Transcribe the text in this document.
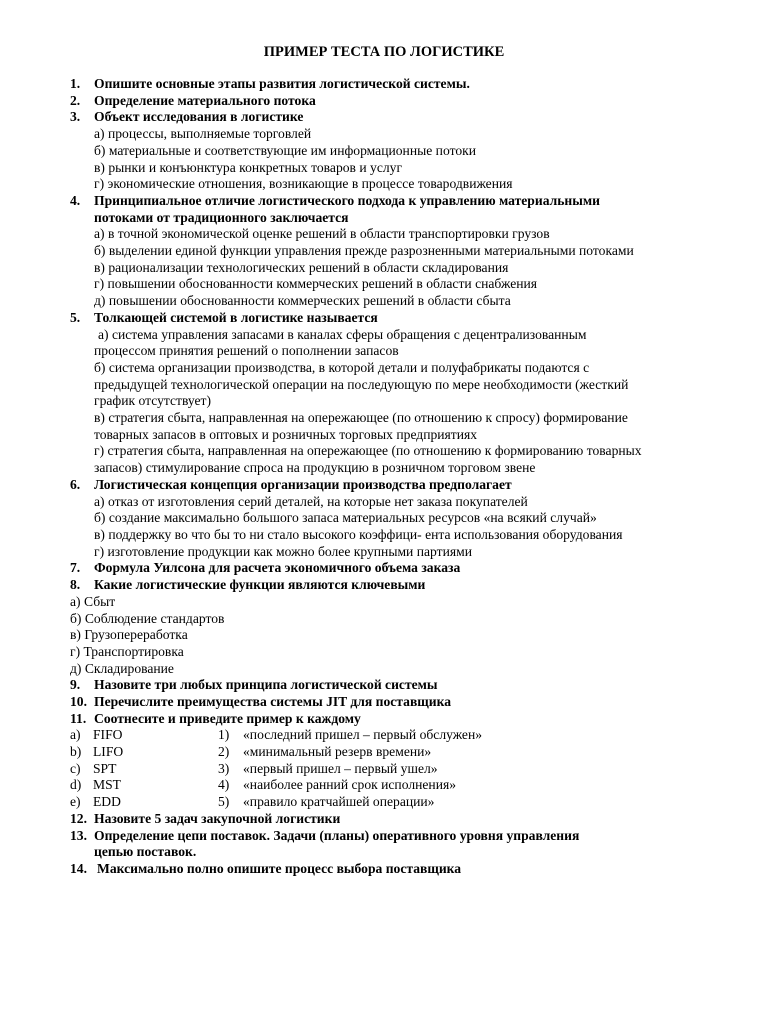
ПРИМЕР ТЕСТА ПО ЛОГИСТИКЕ
1. Опишите основные этапы развития логистической системы.
2. Определение материального потока
3. Объект исследования в логистике
а) процессы, выполняемые торговлей
б) материальные и соответствующие им информационные потоки
в) рынки и конъюнктура конкретных товаров и услуг
г) экономические отношения, возникающие в процессе товародвижения
4. Принципиальное отличие логистического подхода к управлению материальными
потоками от традиционного заключается
а) в точной экономической оценке решений в области транспортировки грузов
б) выделении единой функции управления прежде разрозненными материальными потоками
в) рационализации технологических решений в области складирования
г) повышении обоснованности коммерческих решений в области снабжения
д) повышении обоснованности коммерческих решений в области сбыта
5. Толкающей системой в логистике называется
а) система управления запасами в каналах сферы обращения с децентрализованным
процессом принятия решений о пополнении запасов
б) система организации производства, в которой детали и полуфабрикаты подаются с
предыдущей технологической операции на последующую по мере необходимости (жесткий
график отсутствует)
в) стратегия сбыта, направленная на опережающее (по отношению к спросу) формирование
товарных запасов в оптовых и розничных торговых предприятиях
г) стратегия сбыта, направленная на опережающее (по отношению к формированию товарных
запасов) стимулирование спроса на продукцию в розничном торговом звене
6. Логистическая концепция организации производства предполагает
а) отказ от изготовления серий деталей, на которые нет заказа покупателей
б) создание максимально большого запаса материальных ресурсов «на всякий случай»
в) поддержку во что бы то ни стало высокого коэффици- ента использования оборудования
г) изготовление продукции как можно более крупными партиями
7. Формула Уилсона для расчета экономичного объема заказа
8. Какие логистические функции являются ключевыми
а) Сбыт
б) Соблюдение стандартов
в) Грузопереработка
г) Транспортировка
д) Складирование
9. Назовите три любых принципа логистической системы
10. Перечислите преимущества системы JIT для поставщика
11. Соотнесите и приведите пример к каждому
a) FIFO	1) «последний пришел – первый обслужен»
b) LIFO	2) «минимальный резерв времени»
c) SPT	3) «первый пришел – первый ушел»
d) MST	4) «наиболее ранний срок исполнения»
e) EDD	5) «правило кратчайшей операции»
12. Назовите 5 задач закупочной логистики
13. Определение цепи поставок. Задачи (планы) оперативного уровня управления
цепью поставок.
14. Максимально полно опишите процесс выбора поставщика
